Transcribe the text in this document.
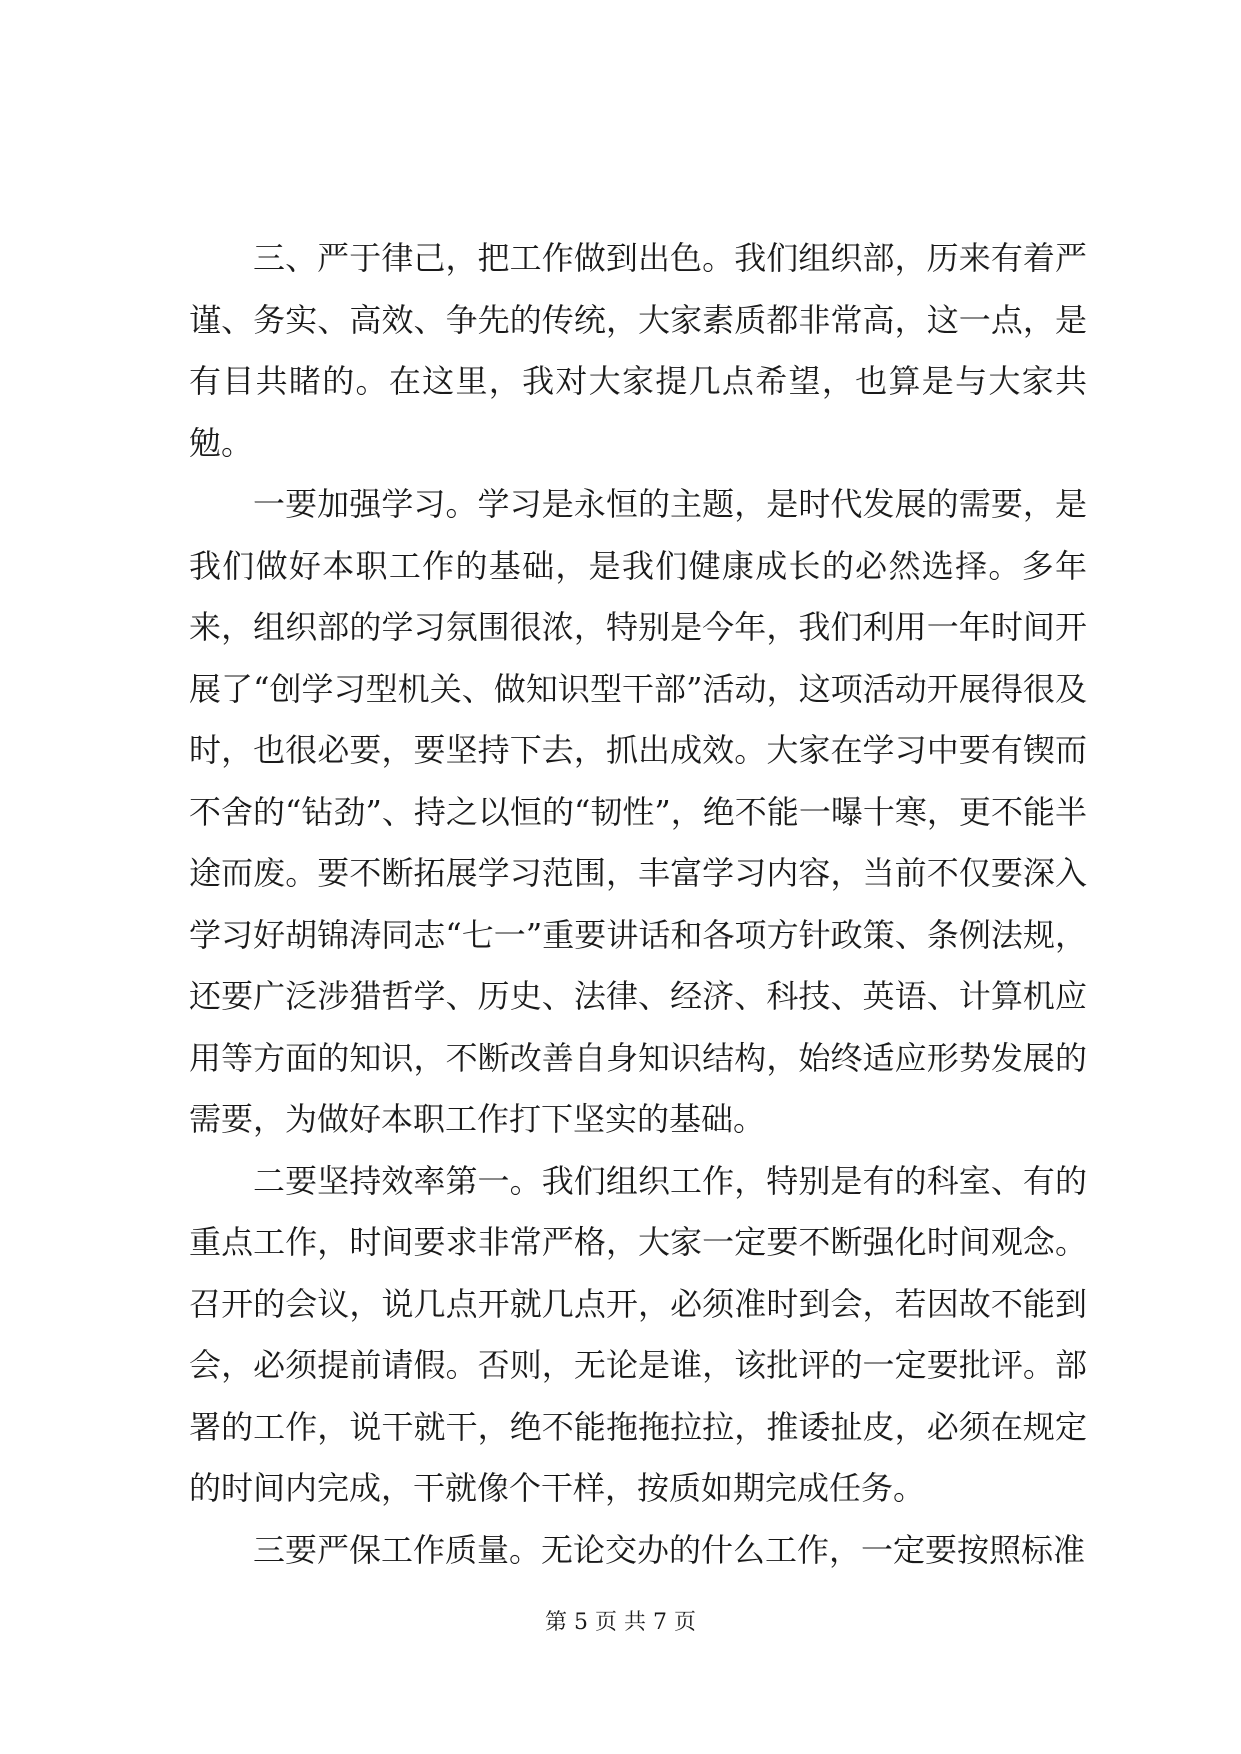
三、严于律己，把工作做到出色。我们组织部，历来有着严谨、务实、高效、争先的传统，大家素质都非常高，这一点，是有目共睹的。在这里，我对大家提几点希望，也算是与大家共勉。

一要加强学习。学习是永恒的主题，是时代发展的需要，是我们做好本职工作的基础，是我们健康成长的必然选择。多年来，组织部的学习氛围很浓，特别是今年，我们利用一年时间开展了“创学习型机关、做知识型干部”活动，这项活动开展得很及时，也很必要，要坚持下去，抓出成效。大家在学习中要有锲而不舍的“钻劲”、持之以恒的“韧性”，绝不能一曝十寒，更不能半途而废。要不断拓展学习范围，丰富学习内容，当前不仅要深入学习好胡锦涛同志“七一”重要讲话和各项方针政策、条例法规，还要广泛涉猎哲学、历史、法律、经济、科技、英语、计算机应用等方面的知识，不断改善自身知识结构，始终适应形势发展的需要，为做好本职工作打下坚实的基础。

二要坚持效率第一。我们组织工作，特别是有的科室、有的重点工作，时间要求非常严格，大家一定要不断强化时间观念。召开的会议，说几点开就几点开，必须准时到会，若因故不能到会，必须提前请假。否则，无论是谁，该批评的一定要批评。部署的工作，说干就干，绝不能拖拖拉拉，推诿扯皮，必须在规定的时间内完成，干就像个干样，按质如期完成任务。

三要严保工作质量。无论交办的什么工作，一定要按照标准

第 5 页 共 7 页
